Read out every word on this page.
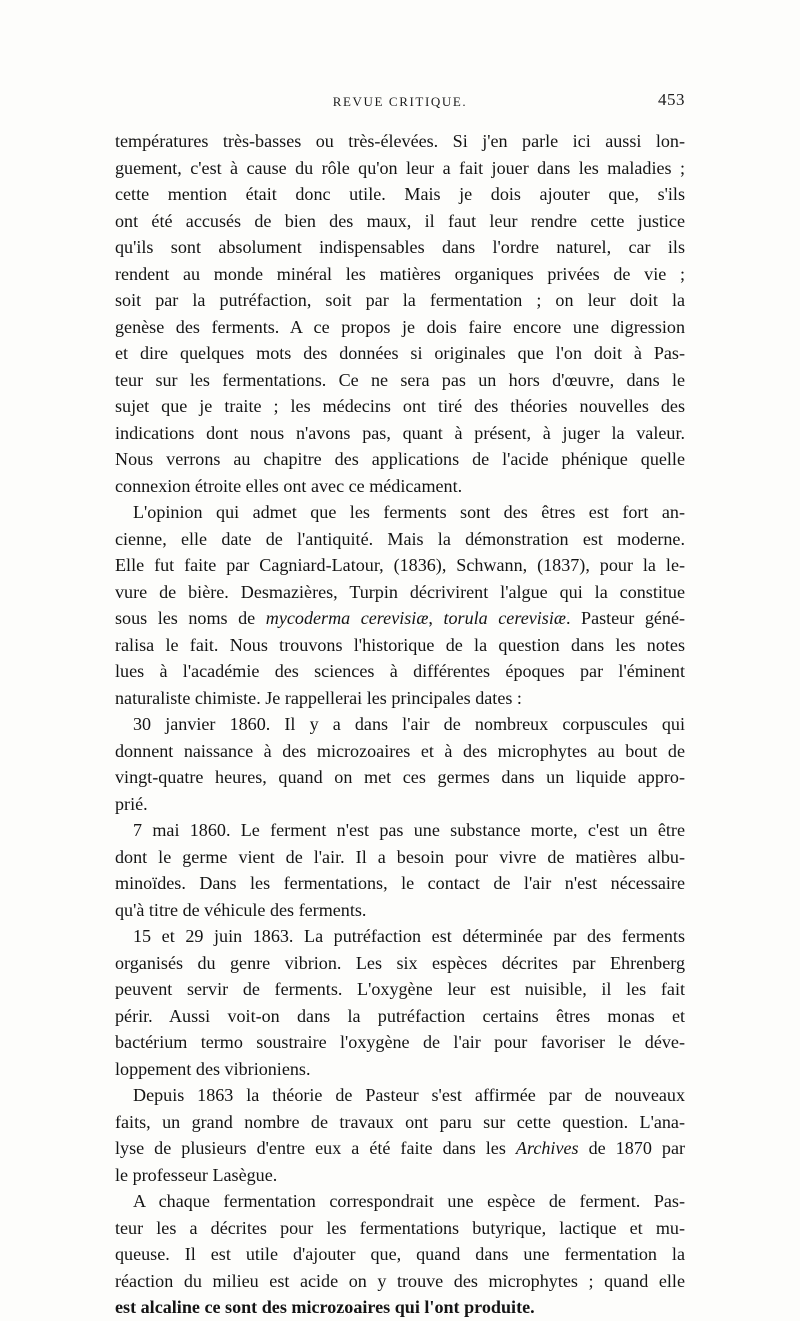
REVUE CRITIQUE.	453
températures très-basses ou très-élevées. Si j'en parle ici aussi lon-
guement, c'est à cause du rôle qu'on leur a fait jouer dans les maladies ;
cette mention était donc utile. Mais je dois ajouter que, s'ils
ont été accusés de bien des maux, il faut leur rendre cette justice
qu'ils sont absolument indispensables dans l'ordre naturel, car ils
rendent au monde minéral les matières organiques privées de vie ;
soit par la putréfaction, soit par la fermentation ; on leur doit la
genèse des ferments. A ce propos je dois faire encore une digression
et dire quelques mots des données si originales que l'on doit à Pas-
teur sur les fermentations. Ce ne sera pas un hors d'œuvre, dans le
sujet que je traite ; les médecins ont tiré des théories nouvelles des
indications dont nous n'avons pas, quant à présent, à juger la valeur.
Nous verrons au chapitre des applications de l'acide phénique quelle
connexion étroite elles ont avec ce médicament.
L'opinion qui admet que les ferments sont des êtres est fort an-
cienne, elle date de l'antiquité. Mais la démonstration est moderne.
Elle fut faite par Cagniard-Latour, (1836), Schwann, (1837), pour la le-
vure de bière. Desmazières, Turpin décrivirent l'algue qui la constitue
sous les noms de mycoderma cerevisiæ, torula cerevisiæ. Pasteur géné-
ralisa le fait. Nous trouvons l'historique de la question dans les notes
lues à l'académie des sciences à différentes époques par l'éminent
naturaliste chimiste. Je rappellerai les principales dates :
30 janvier 1860. Il y a dans l'air de nombreux corpuscules qui
donnent naissance à des microzoaires et à des microphytes au bout de
vingt-quatre heures, quand on met ces germes dans un liquide appro-
prié.
7 mai 1860. Le ferment n'est pas une substance morte, c'est un être
dont le germe vient de l'air. Il a besoin pour vivre de matières albu-
minoïdes. Dans les fermentations, le contact de l'air n'est nécessaire
qu'à titre de véhicule des ferments.
15 et 29 juin 1863. La putréfaction est déterminée par des ferments
organisés du genre vibrion. Les six espèces décrites par Ehrenberg
peuvent servir de ferments. L'oxygène leur est nuisible, il les fait
périr. Aussi voit-on dans la putréfaction certains êtres monas et
bactérium termo soustraire l'oxygène de l'air pour favoriser le déve-
loppement des vibrioniens.
Depuis 1863 la théorie de Pasteur s'est affirmée par de nouveaux
faits, un grand nombre de travaux ont paru sur cette question. L'ana-
lyse de plusieurs d'entre eux a été faite dans les Archives de 1870 par
le professeur Lasègue.
A chaque fermentation correspondrait une espèce de ferment. Pas-
teur les a décrites pour les fermentations butyrique, lactique et mu-
queuse. Il est utile d'ajouter que, quand dans une fermentation la
réaction du milieu est acide on y trouve des microphytes ; quand elle
est alcaline ce sont des microzoaires qui l'ont produite.
